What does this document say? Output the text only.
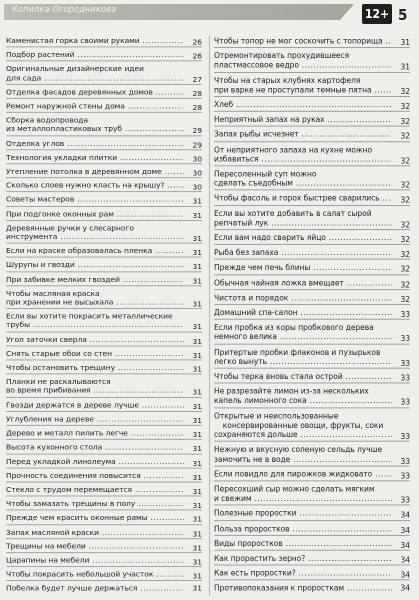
Копилка Огородникова	12+ 5
Каменистая горка своими руками .....	26
Подбор растений .....	26
Оригинальные дизайнерские идеи
для сада .....	27
Отделка фасадов деревянных домов .....	28
Ремонт наружной стены дома .....	28
Сборка водопровода
из металлопластиковых труб .....	29
Отделка углов .....	29
Технология укладки плитки .....	30
Утепление потолка в деревянном доме .....	30
Сколько слоев нужно класть на крышу? .....	30
Советы мастеров .....	31
При подгонке оконных рам .....	31
Деревянные ручки у слесарного
инструмента .....	31
Если на краске образовалась пленка .....	31
Шурупы и гвозди .....	31
При забивке мелких гвоздей .....	31
Чтобы масляная краска
при хранении не высыхала .....	31
Если вы хотите покрасить металлические
трубы .....	31
Угол заточки сверла .....	31
Снять старые обои со стен .....	31
Чтобы остановить трещину .....	31
Планки не раскалываются
во время прибивания .....	31
Гвозди держатся в дереве лучше .....	31
Углубления на дереве .....	31
Дерево и металл пилить легче .....	31
Высота кухонного стола .....	31
Перед укладкой линолеума .....	31
Прочность соединения повысится .....	31
Стекло с трудом перемещается .....	31
Чтобы замазать трещины в полу .....	31
Прежде чем красить оконные рамы .....	31
Запах масляной краски .....	31
Трещины на мебели .....	31
Царапины на мебели .....	31
Чтобы покрасить небольшой участок .....	31
Побелка будет лучше держаться .....	31
Чтобы топор не мог соскочить с топорища .....	31
Отремонтировать прохудившееся
пластмассовое ведро .....	31
Чтобы на старых клубнях картофеля
при варке не проступали темные пятна .....	32
Хлеб .....	32
Неприятный запах на руках .....	32
Запах рыбы исчезнет .....	32
От неприятного запаха на кухне можно
избавиться .....	32
Пересоленный суп можно
сделать съедобным .....	32
Чтобы фасоль и горох быстрее сварились .....	32
Если вы хотите добавить в салат сырой
репчатый лук .....	32
Если вам надо сварить яйцо .....	32
Рыба без запаха .....	32
Прежде чем печь блины .....	32
Обычная чайная ложка вмещает .....	32
Чистота и порядок .....	32
Домашний спа-салон .....	33
Если пробка из коры пробкового дерева
немного велика .....	33
Притертые пробки флаконов и пузырьков
легко вынуть .....	33
Чтобы терка вновь стала острой .....	33
Не разрезайте лимон из-за нескольких
капель лимонного сока .....	33
Открытые и неиспользованные
консервированные овощи, фрукты, соки
сохраняются дольше .....	33
Нежную и вкусную соленую сельдь лучше
замочить не в воде .....	33
Если повидло для пирожков жидковато .....	33
Пересохший сыр можно сделать мягким
и свежим .....	33
Полезные проростки .....	34
Польза проростков .....	34
Виды проростков .....	34
Как прорастить зерно? .....	34
Как есть проростки? .....	34
Противопоказания к проросткам .....	34
